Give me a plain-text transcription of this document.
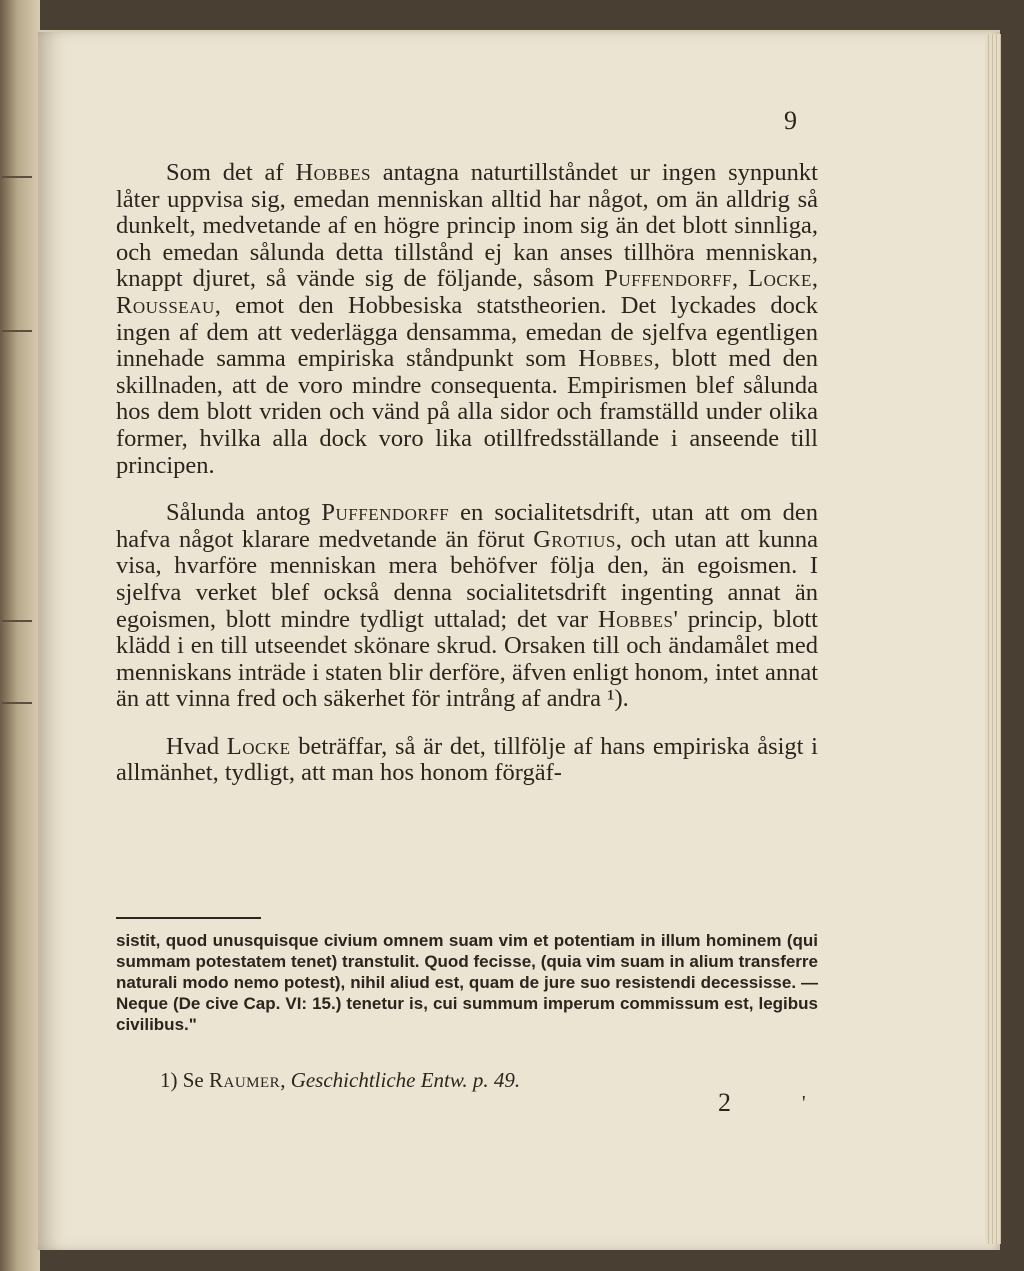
9

Som det af Hobbes antagna naturtillståndet ur ingen synpunkt låter uppvisa sig, emedan menniskan alltid har något, om än alldrig så dunkelt, medvetande af en högre princip inom sig än det blott sinnliga, och emedan sålunda detta tillstånd ej kan anses tillhöra menniskan, knappt djuret, så vände sig de följande, såsom Puffendorff, Locke, Rousseau, emot den Hobbesiska statstheorien. Det lyckades dock ingen af dem att vederlägga densamma, emedan de sjelfva egentligen innehade samma empiriska ståndpunkt som Hobbes, blott med den skillnaden, att de voro mindre consequenta. Empirismen blef sålunda hos dem blott vriden och vänd på alla sidor och framställd under olika former, hvilka alla dock voro lika otillfredsställande i anseende till principen.

Sålunda antog Puffendorff en socialitetsdrift, utan att om den hafva något klarare medvetande än förut Grotius, och utan att kunna visa, hvarföre menniskan mera behöfver följa den, än egoismen. I sjelfva verket blef också denna socialitetsdrift ingenting annat än egoismen, blott mindre tydligt uttalad; det var Hobbes' princip, blott klädd i en till utseendet skönare skrud. Orsaken till och ändamålet med menniskans inträde i staten blir derföre, äfven enligt honom, intet annat än att vinna fred och säkerhet för intrång af andra ¹).

Hvad Locke beträffar, så är det, tillfölje af hans empiriska åsigt i allmänhet, tydligt, att man hos honom förgäf-

sistit, quod unusquisque civium omnem suam vim et potentiam in illum hominem (qui summam potestatem tenet) transtulit. Quod fecisse, (quia vim suam in alium transferre naturali modo nemo potest), nihil aliud est, quam de jure suo resistendi decessisse. — Neque (De cive Cap. VI: 15.) tenetur is, cui summum imperum commissum est, legibus civilibus."
1) Se Raumer, Geschichtliche Entw. p. 49.
2	'
